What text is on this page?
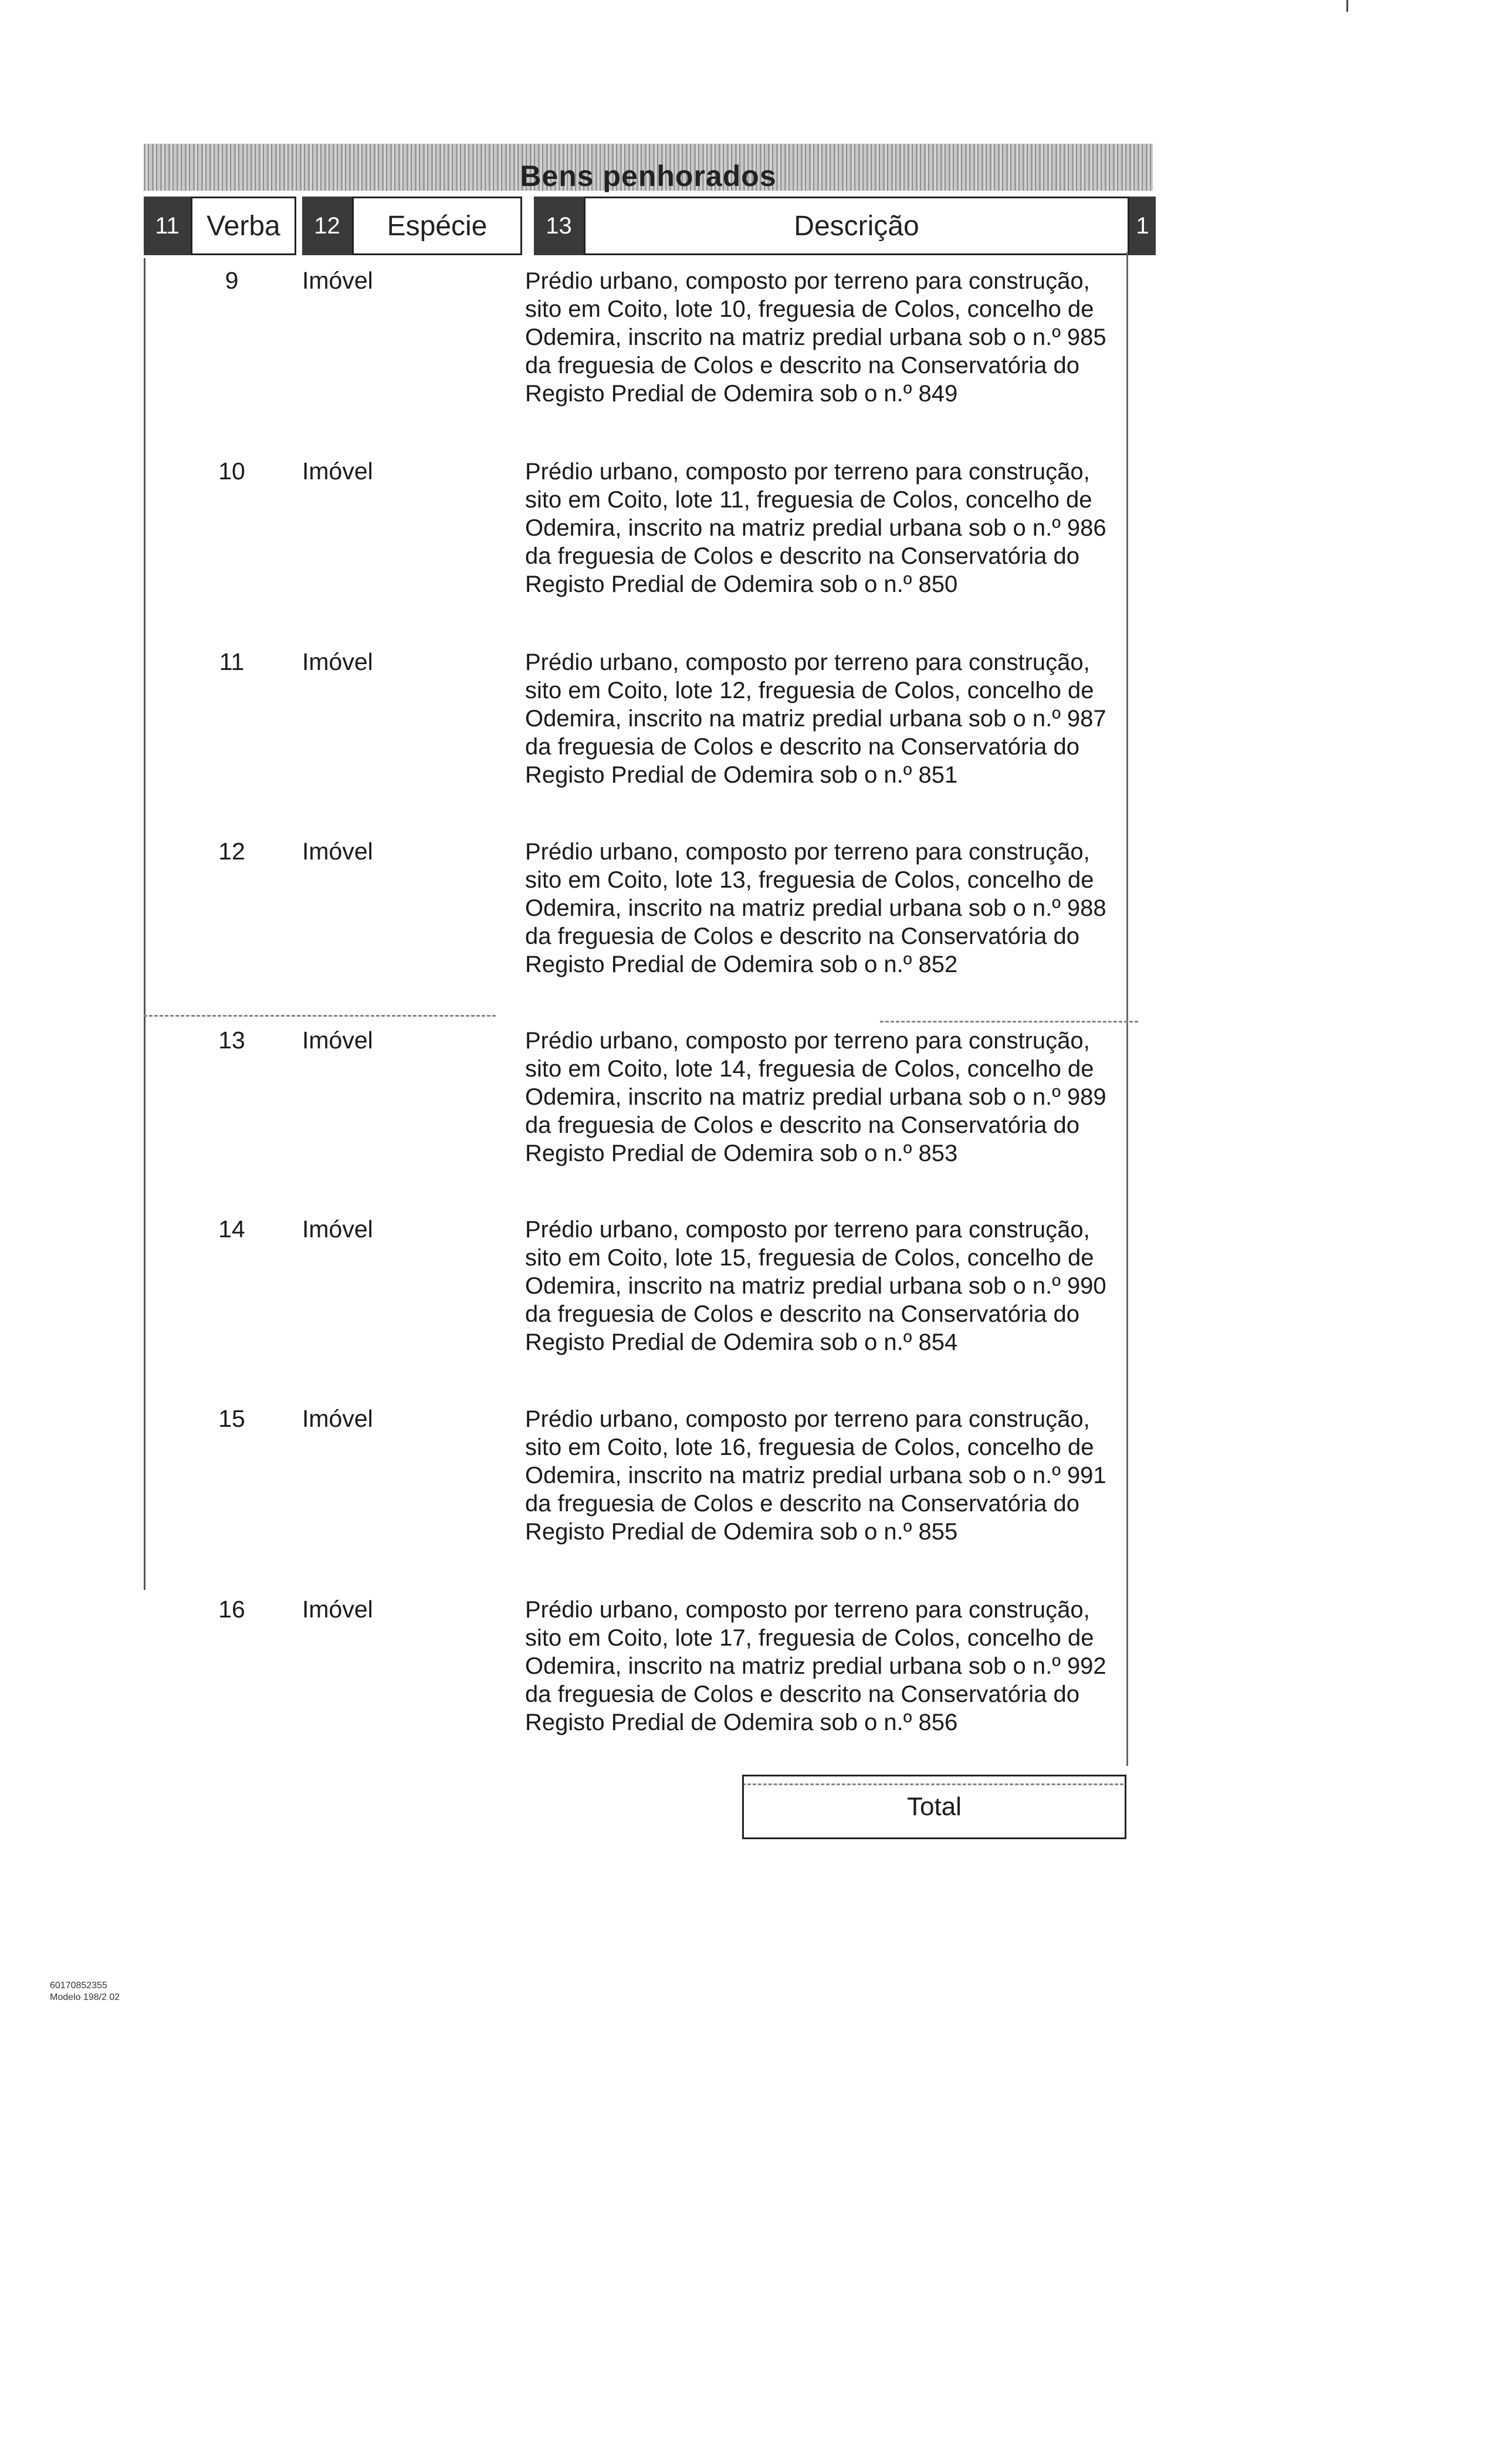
Bens penhorados
11 Verba	12	Espécie	13	Descrição	1
9	Imóvel	Prédio urbano, composto por terreno para construção, sito em Coito, lote 10, freguesia de Colos, concelho de Odemira, inscrito na matriz predial urbana sob o n.º 985 da freguesia de Colos e descrito na Conservatória do Registo Predial de Odemira sob o n.º 849
10	Imóvel	Prédio urbano, composto por terreno para construção, sito em Coito, lote 11, freguesia de Colos, concelho de Odemira, inscrito na matriz predial urbana sob o n.º 986 da freguesia de Colos e descrito na Conservatória do Registo Predial de Odemira sob o n.º 850
11	Imóvel	Prédio urbano, composto por terreno para construção, sito em Coito, lote 12, freguesia de Colos, concelho de Odemira, inscrito na matriz predial urbana sob o n.º 987 da freguesia de Colos e descrito na Conservatória do Registo Predial de Odemira sob o n.º 851
12	Imóvel	Prédio urbano, composto por terreno para construção, sito em Coito, lote 13, freguesia de Colos, concelho de Odemira, inscrito na matriz predial urbana sob o n.º 988 da freguesia de Colos e descrito na Conservatória do Registo Predial de Odemira sob o n.º 852
13	Imóvel	Prédio urbano, composto por terreno para construção, sito em Coito, lote 14, freguesia de Colos, concelho de Odemira, inscrito na matriz predial urbana sob o n.º 989 da freguesia de Colos e descrito na Conservatória do Registo Predial de Odemira sob o n.º 853
14	Imóvel	Prédio urbano, composto por terreno para construção, sito em Coito, lote 15, freguesia de Colos, concelho de Odemira, inscrito na matriz predial urbana sob o n.º 990 da freguesia de Colos e descrito na Conservatória do Registo Predial de Odemira sob o n.º 854
15	Imóvel	Prédio urbano, composto por terreno para construção, sito em Coito, lote 16, freguesia de Colos, concelho de Odemira, inscrito na matriz predial urbana sob o n.º 991 da freguesia de Colos e descrito na Conservatória do Registo Predial de Odemira sob o n.º 855
16	Imóvel	Prédio urbano, composto por terreno para construção, sito em Coito, lote 17, freguesia de Colos, concelho de Odemira, inscrito na matriz predial urbana sob o n.º 992 da freguesia de Colos e descrito na Conservatória do Registo Predial de Odemira sob o n.º 856
Total
60170852355
Modelo 198/2 02
